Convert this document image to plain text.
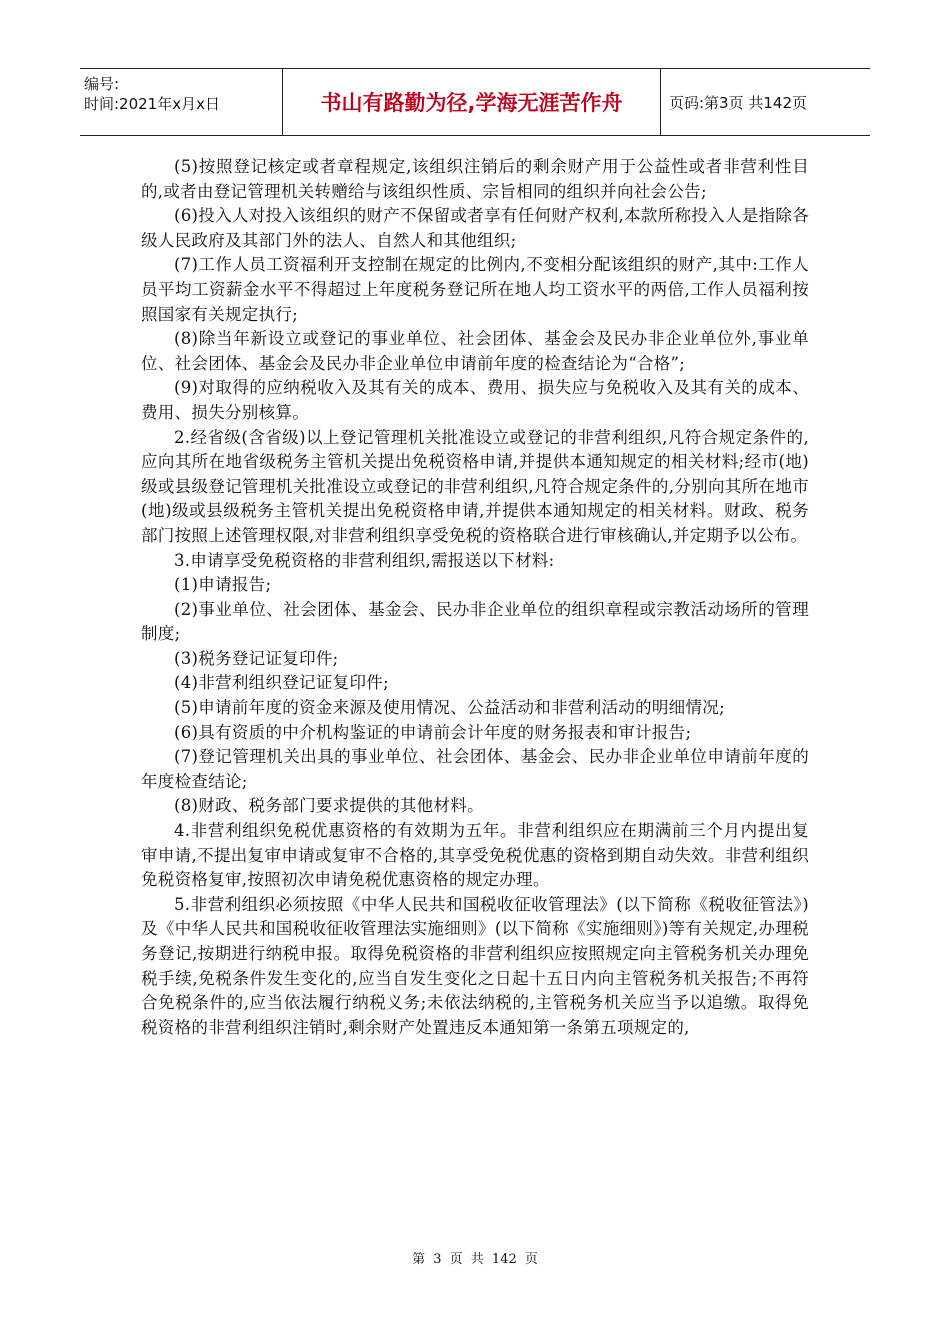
编号:
时间:2021年x月x日	书山有路勤为径,学海无涯苦作舟	页码:第3页 共142页

(5)按照登记核定或者章程规定,该组织注销后的剩余财产用于公益性或者非营利性目的,或者由登记管理机关转赠给与该组织性质、宗旨相同的组织并向社会公告;

(6)投入人对投入该组织的财产不保留或者享有任何财产权利,本款所称投入人是指除各级人民政府及其部门外的法人、自然人和其他组织;

(7)工作人员工资福利开支控制在规定的比例内,不变相分配该组织的财产,其中:工作人员平均工资薪金水平不得超过上年度税务登记所在地人均工资水平的两倍,工作人员福利按照国家有关规定执行;

(8)除当年新设立或登记的事业单位、社会团体、基金会及民办非企业单位外,事业单位、社会团体、基金会及民办非企业单位申请前年度的检查结论为“合格”;

(9)对取得的应纳税收入及其有关的成本、费用、损失应与免税收入及其有关的成本、费用、损失分别核算。

2.经省级(含省级)以上登记管理机关批准设立或登记的非营利组织,凡符合规定条件的,应向其所在地省级税务主管机关提出免税资格申请,并提供本通知规定的相关材料;经市(地)级或县级登记管理机关批准设立或登记的非营利组织,凡符合规定条件的,分别向其所在地市(地)级或县级税务主管机关提出免税资格申请,并提供本通知规定的相关材料。财政、税务部门按照上述管理权限,对非营利组织享受免税的资格联合进行审核确认,并定期予以公布。

3.申请享受免税资格的非营利组织,需报送以下材料:

(1)申请报告;

(2)事业单位、社会团体、基金会、民办非企业单位的组织章程或宗教活动场所的管理制度;

(3)税务登记证复印件;

(4)非营利组织登记证复印件;

(5)申请前年度的资金来源及使用情况、公益活动和非营利活动的明细情况;

(6)具有资质的中介机构鉴证的申请前会计年度的财务报表和审计报告;

(7)登记管理机关出具的事业单位、社会团体、基金会、民办非企业单位申请前年度的年度检查结论;

(8)财政、税务部门要求提供的其他材料。

4.非营利组织免税优惠资格的有效期为五年。非营利组织应在期满前三个月内提出复审申请,不提出复审申请或复审不合格的,其享受免税优惠的资格到期自动失效。非营利组织免税资格复审,按照初次申请免税优惠资格的规定办理。

5.非营利组织必须按照《中华人民共和国税收征收管理法》(以下简称《税收征管法》)及《中华人民共和国税收征收管理法实施细则》(以下简称《实施细则》)等有关规定,办理税务登记,按期进行纳税申报。取得免税资格的非营利组织应按照规定向主管税务机关办理免税手续,免税条件发生变化的,应当自发生变化之日起十五日内向主管税务机关报告;不再符合免税条件的,应当依法履行纳税义务;未依法纳税的,主管税务机关应当予以追缴。取得免税资格的非营利组织注销时,剩余财产处置违反本通知第一条第五项规定的,

第 3 页 共 142 页
